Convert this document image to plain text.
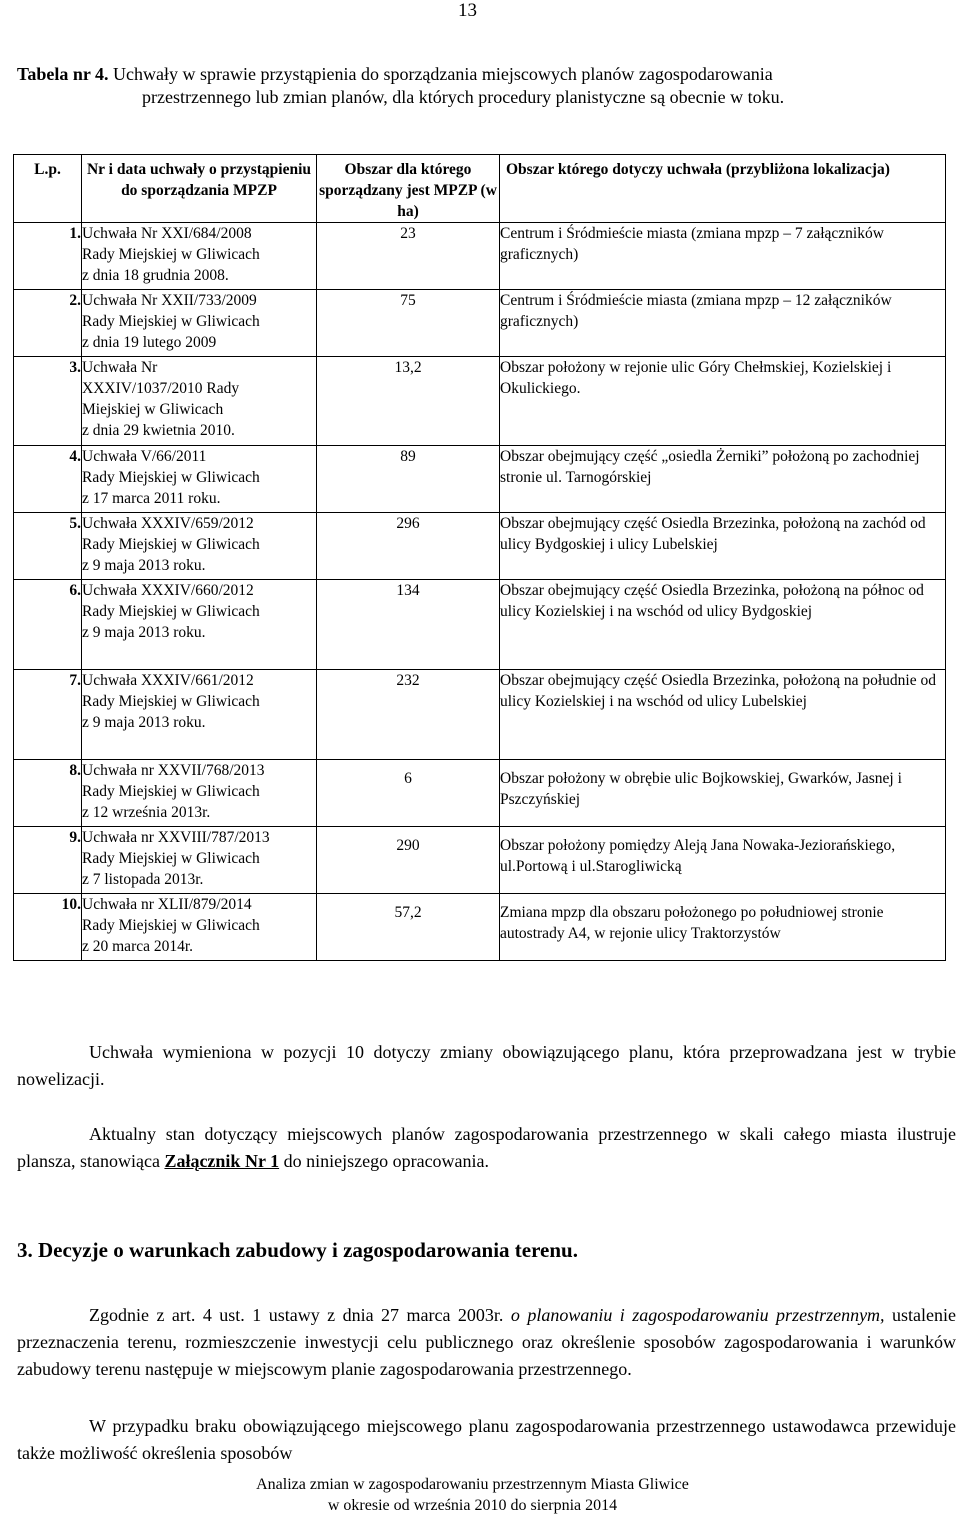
13
Tabela nr 4. Uchwały w sprawie przystąpienia do sporządzania miejscowych planów zagospodarowania
przestrzennego lub zmian planów, dla których procedury planistyczne są obecnie w toku.
L.p.	Nr i data uchwały o przystąpieniu do sporządzania MPZP	Obszar dla którego sporządzany jest MPZP (w ha)	Obszar którego dotyczy uchwała (przybliżona lokalizacja)
1.	Uchwała Nr XXI/684/2008
Rady Miejskiej w Gliwicach
z dnia 18 grudnia 2008.	23	Centrum i Śródmieście miasta (zmiana mpzp – 7 załączników graficznych)
2.	Uchwała Nr XXII/733/2009
Rady Miejskiej w Gliwicach
z dnia 19 lutego 2009	75	Centrum i Śródmieście miasta (zmiana mpzp – 12 załączników graficznych)
3.	Uchwała Nr
XXXIV/1037/2010 Rady
Miejskiej w Gliwicach
z dnia 29 kwietnia 2010.	13,2	Obszar położony w rejonie ulic Góry Chełmskiej, Kozielskiej i Okulickiego.
4.	Uchwała V/66/2011
Rady Miejskiej w Gliwicach
z 17 marca 2011 roku.	89	Obszar obejmujący część „osiedla Żerniki” położoną po zachodniej stronie ul. Tarnogórskiej
5.	Uchwała XXXIV/659/2012
Rady Miejskiej w Gliwicach
z 9 maja 2013 roku.	296	Obszar obejmujący część Osiedla Brzezinka, położoną na zachód od ulicy Bydgoskiej i ulicy Lubelskiej
6.	Uchwała XXXIV/660/2012
Rady Miejskiej w Gliwicach
z 9 maja 2013 roku.	134	Obszar obejmujący część Osiedla Brzezinka, położoną na północ od ulicy Kozielskiej i na wschód od ulicy Bydgoskiej
7.	Uchwała XXXIV/661/2012
Rady Miejskiej w Gliwicach
z 9 maja 2013 roku.	232	Obszar obejmujący część Osiedla Brzezinka, położoną na południe od ulicy Kozielskiej i na wschód od ulicy Lubelskiej
8.	Uchwała nr XXVII/768/2013
Rady Miejskiej w Gliwicach
z 12 września 2013r.	6	Obszar położony w obrębie ulic Bojkowskiej, Gwarków, Jasnej i Pszczyńskiej
9.	Uchwała nr XXVIII/787/2013
Rady Miejskiej w Gliwicach
z 7 listopada 2013r.	290	Obszar położony pomiędzy Aleją Jana Nowaka-Jeziorańskiego, ul.Portową i ul.Starogliwicką
10.	Uchwała nr XLII/879/2014
Rady Miejskiej w Gliwicach
z 20 marca 2014r.	57,2	Zmiana mpzp dla obszaru położonego po południowej stronie autostrady A4, w rejonie ulicy Traktorzystów
Uchwała wymieniona w pozycji 10 dotyczy zmiany obowiązującego planu, która przeprowadzana jest w trybie nowelizacji.
Aktualny stan dotyczący miejscowych planów zagospodarowania przestrzennego w skali całego miasta ilustruje plansza, stanowiąca Załącznik Nr 1 do niniejszego opracowania.
3. Decyzje o warunkach zabudowy i zagospodarowania terenu.
Zgodnie z art. 4 ust. 1 ustawy z dnia 27 marca 2003r. o planowaniu i zagospodarowaniu przestrzennym, ustalenie przeznaczenia terenu, rozmieszczenie inwestycji celu publicznego oraz określenie sposobów zagospodarowania i warunków zabudowy terenu następuje w miejscowym planie zagospodarowania przestrzennego.
W przypadku braku obowiązującego miejscowego planu zagospodarowania przestrzennego ustawodawca przewiduje także możliwość określenia sposobów
Analiza zmian w zagospodarowaniu przestrzennym Miasta Gliwice
w okresie od września 2010 do sierpnia 2014
